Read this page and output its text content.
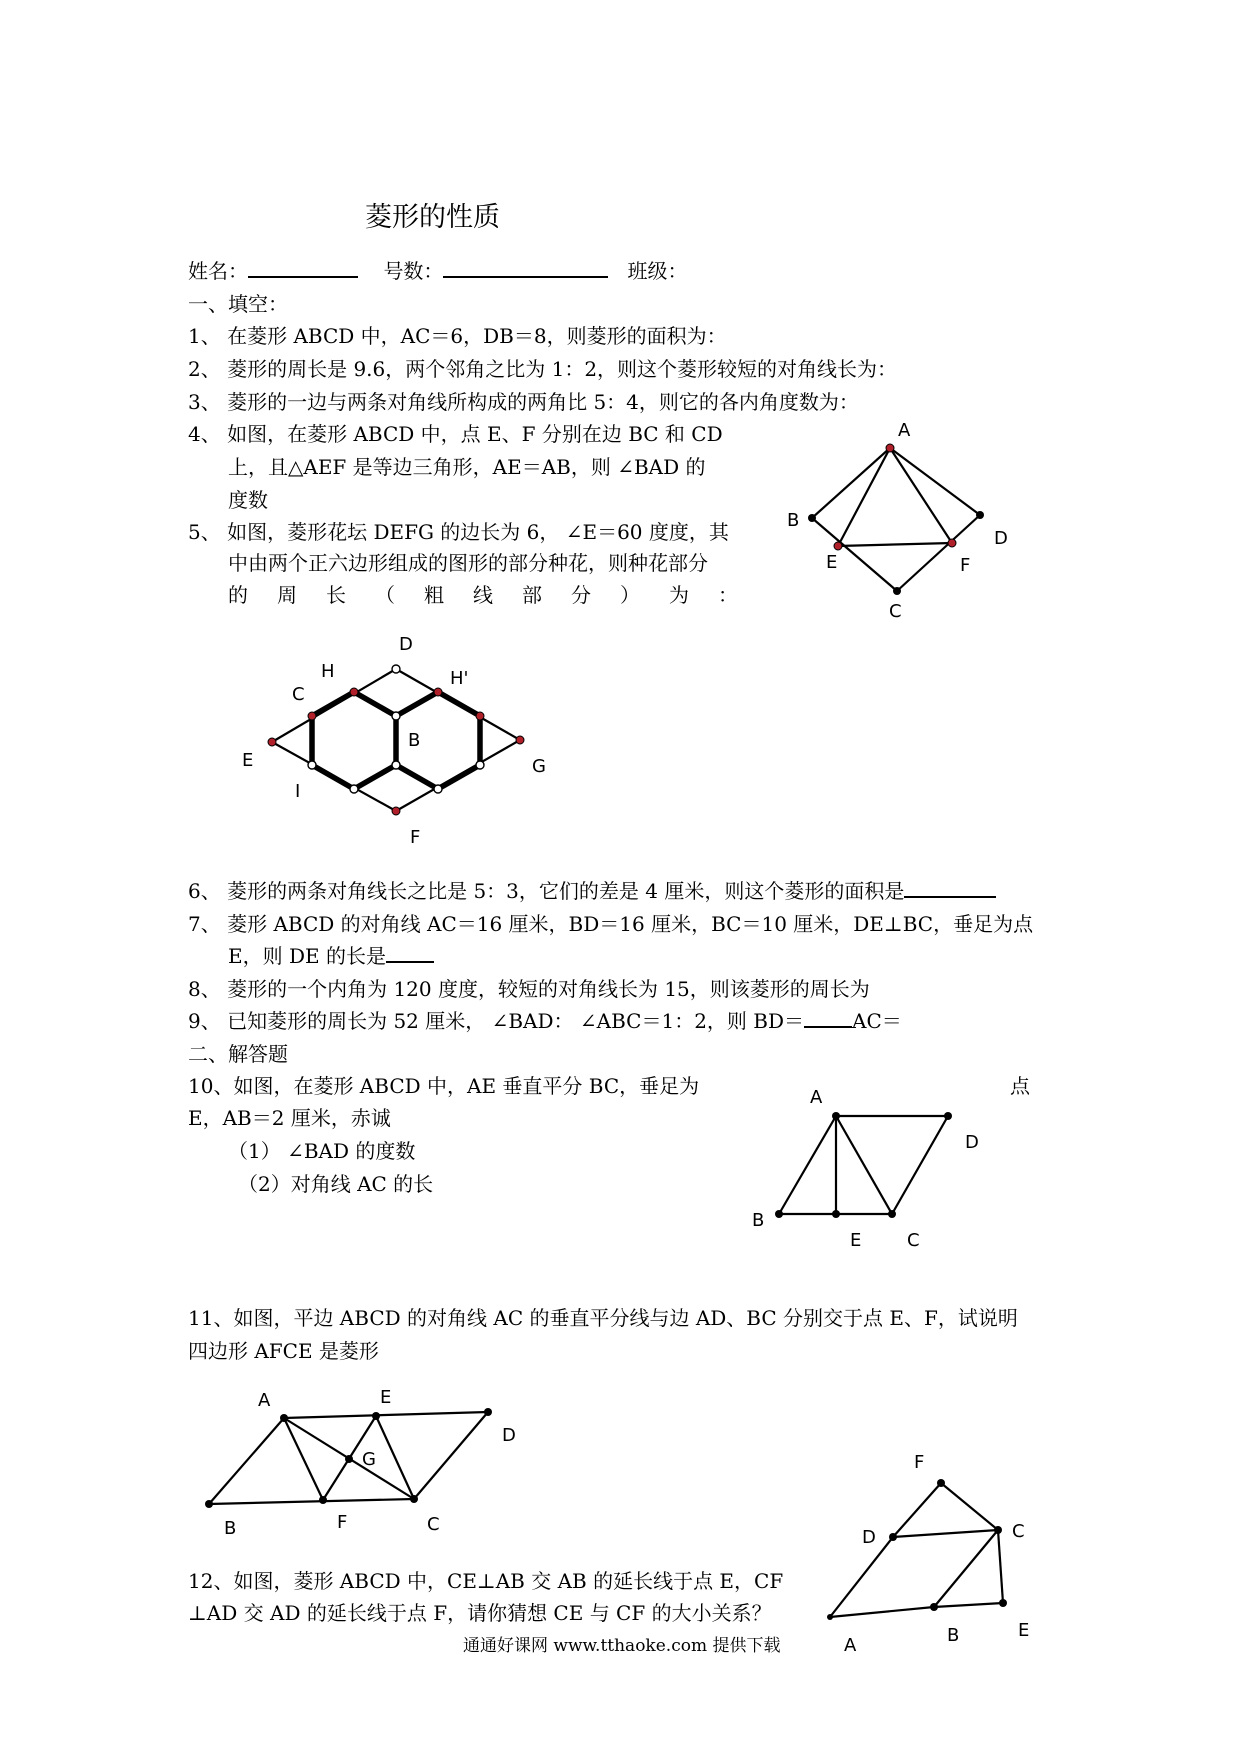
菱形的性质
姓名：	号数：	班级：
一、填空：
1、 在菱形 ABCD 中，AC＝6，DB＝8，则菱形的面积为：
2、 菱形的周长是 9.6，两个邻角之比为 1：2，则这个菱形较短的对角线长为：
3、 菱形的一边与两条对角线所构成的两角比 5：4，则它的各内角度数为：
4、 如图，在菱形 ABCD 中，点 E、F 分别在边 BC 和 CD
上，且△AEF 是等边三角形，AE＝AB，则 ∠BAD 的
度数
5、 如图，菱形花坛 DEFG 的边长为 6， ∠E＝60 度度，其
中由两个正六边形组成的图形的部分种花，则种花部分
的 周 长 （ 粗 线 部 分 ） 为 ：
A
B
C
D
E	F
D
H	H'
C
B
E	G
I
F
6、 菱形的两条对角线长之比是 5：3，它们的差是 4 厘米，则这个菱形的面积是
7、 菱形 ABCD 的对角线 AC＝16 厘米，BD＝16 厘米，BC＝10 厘米，DE⊥BC，垂足为点
E，则 DE 的长是
8、 菱形的一个内角为 120 度度，较短的对角线长为 15，则该菱形的周长为
9、 已知菱形的周长为 52 厘米， ∠BAD： ∠ABC＝1：2，则 BD＝ AC＝
二、解答题
10、如图，在菱形 ABCD 中，AE 垂直平分 BC，垂足为	点
E，AB＝2 厘米，赤诚
（1） ∠BAD 的度数
（2）对角线 AC 的长
A
D
B
E	C
11、如图，平边 ABCD 的对角线 AC 的垂直平分线与边 AD、BC 分别交于点 E、F，试说明
四边形 AFCE 是菱形
A	E
D
G
B	F	C
12、如图，菱形 ABCD 中，CE⊥AB 交 AB 的延长线于点 E，CF
⊥AD 交 AD 的延长线于点 F，请你猜想 CE 与 CF 的大小关系？
F
D	C
A	B	E
通通好课网 www.tthaoke.com 提供下载
